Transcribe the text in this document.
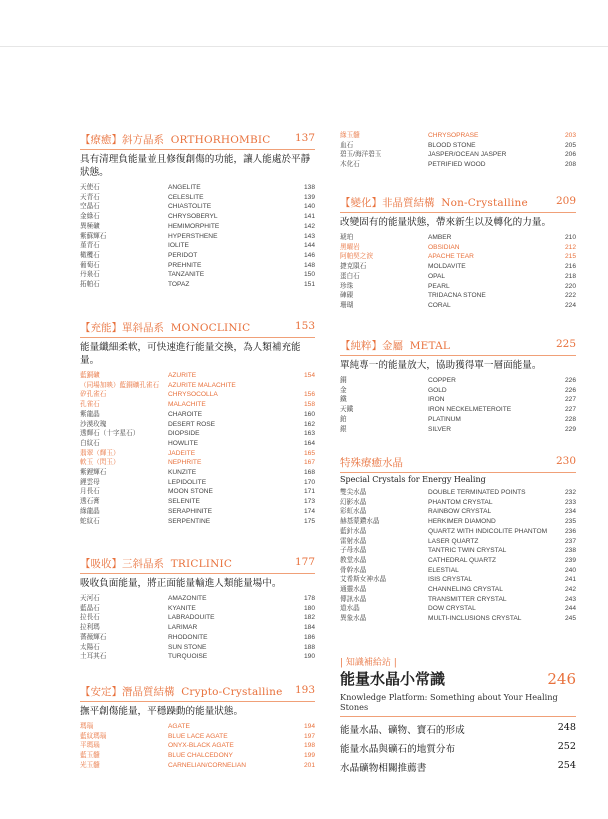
【療癒】斜方晶系 ORTHORHOMBIC 137
具有清理負能量並且修復創傷的功能，讓人能處於平靜狀態。
天使石	ANGELITE	138
天青石	CELESLITE	139
空晶石	CHIASTOLITE	140
金綠石	CHRYSOBERYL	141
異極礦	HEMIMORPHITE	142
紫蘇輝石	HYPERSTHENE	143
堇青石	IOLITE	144
橄欖石	PERIDOT	146
葡萄石	PREHNITE	148
丹泉石	TANZANITE	150
拓帕石	TOPAZ	151
【充能】單斜晶系 MONOCLINIC	153
能量纖細柔軟，可快速進行能量交換，為人類補充能量。
藍銅礦	AZURITE	154
（同場加映）藍銅礦孔雀石	AZURITE MALACHITE	
矽孔雀石	CHRYSOCOLLA	156
孔雀石	MALACHITE	158
紫龍晶	CHAROITE	160
沙漠玫瑰	DESERT ROSE	162
透輝石（十字星石）	DIOPSIDE	163
白紋石	HOWLITE	164
翡翠（輝玉）	JADEITE	165
軟玉（閃玉）	NEPHRITE	167
紫鋰輝石	KUNZITE	168
鋰雲母	LEPIDOLITE	170
月長石	MOON STONE	171
透石膏	SELENITE	173
綠龍晶	SERAPHINITE	174
蛇紋石	SERPENTINE	175
【吸收】三斜晶系 TRICLINIC	177
吸收負面能量，將正面能量輸進人類能量場中。
天河石	AMAZONITE	178
藍晶石	KYANITE	180
拉長石	LABRADOUITE	182
拉利瑪	LARIMAR	184
薔薇輝石	RHODONITE	186
太陽石	SUN STONE	188
土耳其石	TURQUOISE	190
【安定】潛晶質結構 Crypto-Crystalline 193
撫平創傷能量，平穩躁動的能量狀態。
瑪瑙	AGATE	194
藍紋瑪瑙	BLUE LACE AGATE	197
平瑪瑙	ONYX-BLACK AGATE	198
藍玉髓	BLUE CHALCEDONY	199
光玉髓	CARNELIAN/CORNELIAN	201
綠玉髓	CHRYSOPRASE	203
血石	BLOOD STONE	205
碧玉/海洋碧玉	JASPER/OCEAN JASPER	206
木化石	PETRIFIED WOOD	208
【變化】非晶質結構 Non-Crystalline	209
改變固有的能量狀態，帶來新生以及轉化的力量。
琥珀	AMBER	210
黑曜岩	OBSIDIAN	212
阿帕契之淚	APACHE TEAR	215
捷克隕石	MOLDAVITE	216
蛋白石	OPAL	218
珍珠	PEARL	220
硨磲	TRIDACNA STONE	222
珊瑚	CORAL	224
【純粹】金屬 METAL	225
單純專一的能量放大，協助獲得單一層面能量。
銅	COPPER	226
金	GOLD	226
鐵	IRON	227
天鐵	IRON NECKELMETEROITE	227
鉑	PLATINUM	228
銀	SILVER	229
特殊療癒水晶	230
Special Crystals for Energy Healing
雙尖水晶	DOUBLE TERMINATED POINTS	232
幻影水晶	PHANTOM CRYSTAL	233
彩虹水晶	RAINBOW CRYSTAL	234
赫基蒙鑽水晶	HERKIMER DIAMOND	235
藍針水晶	QUARTZ WITH INDICOLITE PHANTOM	236
雷射水晶	LASER QUARTZ	237
子母水晶	TANTRIC TWIN CRYSTAL	238
教堂水晶	CATHEDRAL QUARTZ	239
骨幹水晶	ELESTIAL	240
艾希斯女神水晶	ISIS CRYSTAL	241
通靈水晶	CHANNELING CRYSTAL	242
傳訊水晶	TRANSMITTER CRYSTAL	243
道水晶	DOW CRYSTAL	244
異象水晶	MULTI-INCLUSIONS CRYSTAL	245
| 知識補給站 |
能量水晶小常識	246
Knowledge Platform: Something about Your Healing Stones
能量水晶、礦物、寶石的形成	248
能量水晶與礦石的地質分布	252
水晶礦物相關推薦書	254
